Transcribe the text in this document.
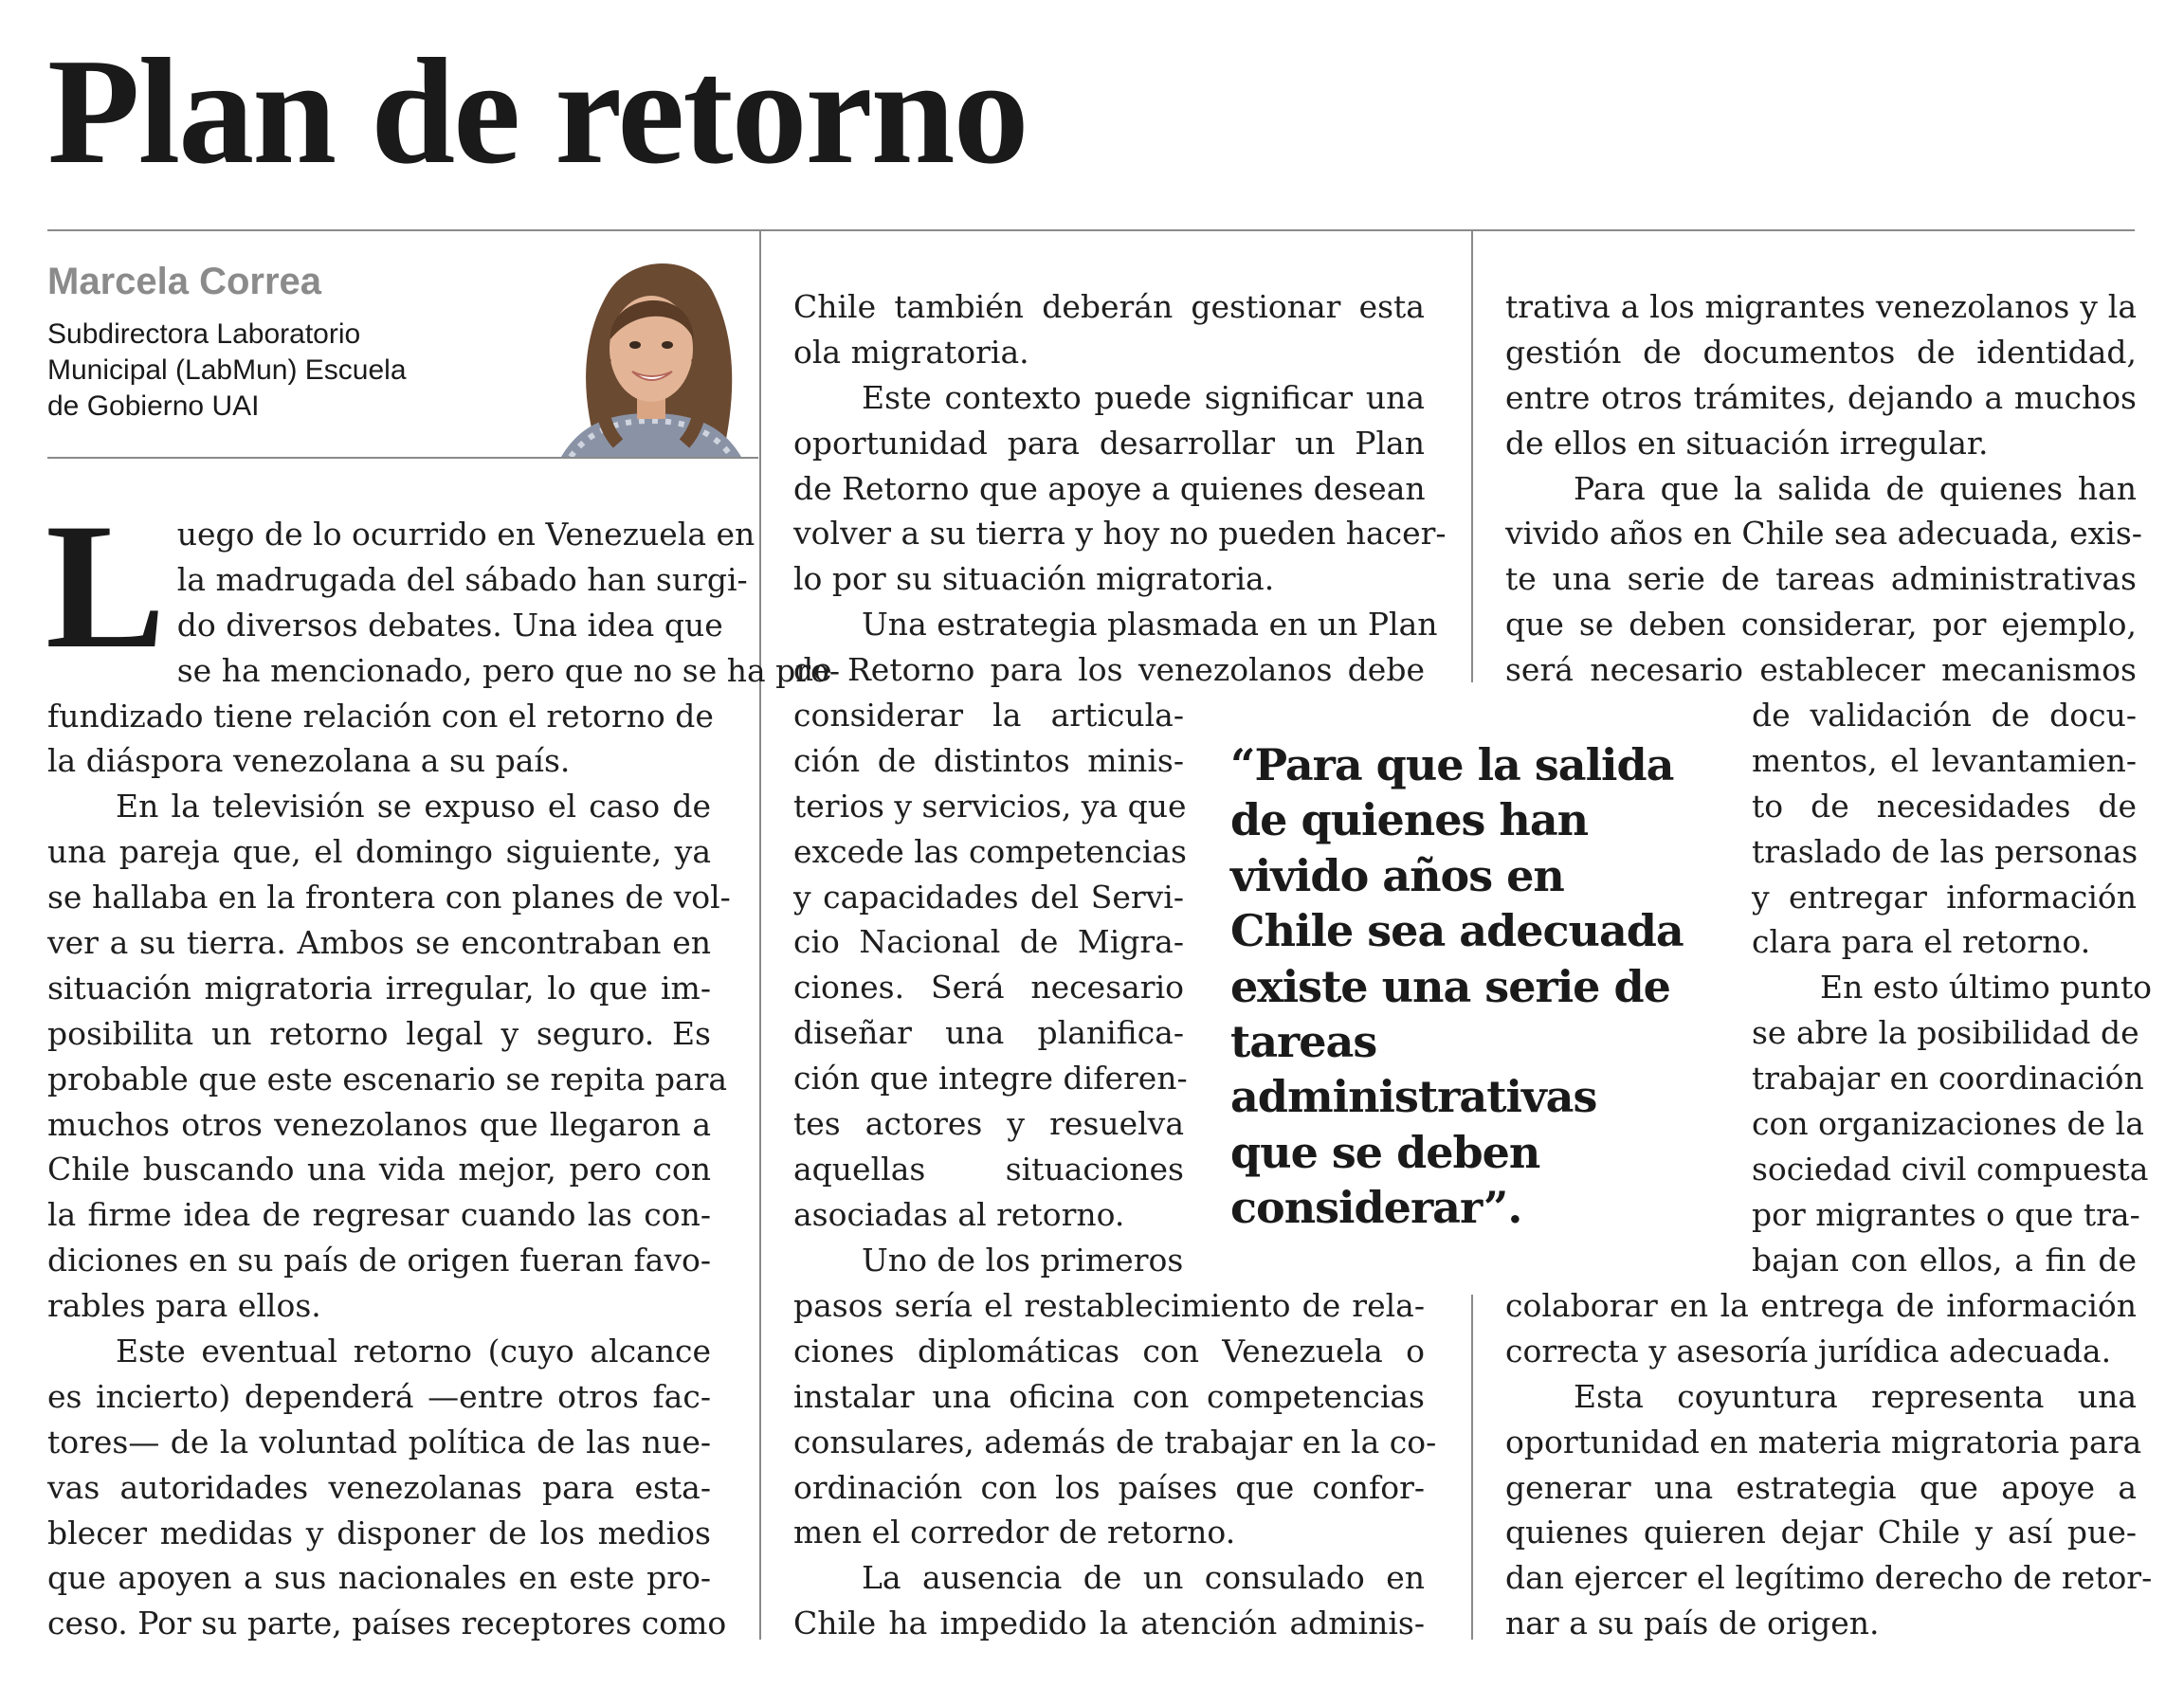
Plan de retorno
Marcela Correa
Subdirectora Laboratorio
Municipal (LabMun) Escuela
de Gobierno UAI
L uego de lo ocurrido en Venezuela en
la madrugada del sábado han surgi-
do diversos debates. Una idea que
se ha mencionado, pero que no se ha pro-
fundizado tiene relación con el retorno de
la diáspora venezolana a su país.
En la televisión se expuso el caso de
una pareja que, el domingo siguiente, ya
se hallaba en la frontera con planes de vol-
ver a su tierra. Ambos se encontraban en
situación migratoria irregular, lo que im-
posibilita un retorno legal y seguro. Es
probable que este escenario se repita para
muchos otros venezolanos que llegaron a
Chile buscando una vida mejor, pero con
la firme idea de regresar cuando las con-
diciones en su país de origen fueran favo-
rables para ellos.
Este eventual retorno (cuyo alcance
es incierto) dependerá —entre otros fac-
tores— de la voluntad política de las nue-
vas autoridades venezolanas para esta-
blecer medidas y disponer de los medios
que apoyen a sus nacionales en este pro-
ceso. Por su parte, países receptores como
Chile también deberán gestionar esta
ola migratoria.
Este contexto puede significar una
oportunidad para desarrollar un Plan
de Retorno que apoye a quienes desean
volver a su tierra y hoy no pueden hacer-
lo por su situación migratoria.
Una estrategia plasmada en un Plan
de Retorno para los venezolanos debe
considerar la articula-
ción de distintos minis-
terios y servicios, ya que
excede las competencias
y capacidades del Servi-
cio Nacional de Migra-
ciones. Será necesario
diseñar una planifica-
ción que integre diferen-
tes actores y resuelva
aquellas situaciones
asociadas al retorno.
Uno de los primeros
pasos sería el restablecimiento de rela-
ciones diplomáticas con Venezuela o
instalar una oficina con competencias
consulares, además de trabajar en la co-
ordinación con los países que confor-
men el corredor de retorno.
La ausencia de un consulado en
Chile ha impedido la atención adminis-
trativa a los migrantes venezolanos y la
gestión de documentos de identidad,
entre otros trámites, dejando a muchos
de ellos en situación irregular.
Para que la salida de quienes han
vivido años en Chile sea adecuada, exis-
te una serie de tareas administrativas
que se deben considerar, por ejemplo,
será necesario establecer mecanismos
de validación de docu-
mentos, el levantamien-
to de necesidades de
traslado de las personas
y entregar información
clara para el retorno.
En esto último punto
se abre la posibilidad de
trabajar en coordinación
con organizaciones de la
sociedad civil compuesta
por migrantes o que tra-
bajan con ellos, a fin de
colaborar en la entrega de información
correcta y asesoría jurídica adecuada.
Esta coyuntura representa una
oportunidad en materia migratoria para
generar una estrategia que apoye a
quienes quieren dejar Chile y así pue-
dan ejercer el legítimo derecho de retor-
nar a su país de origen.
“Para que la salida
de quienes han
vivido años en
Chile sea adecuada
existe una serie de
tareas
administrativas
que se deben
considerar”.
